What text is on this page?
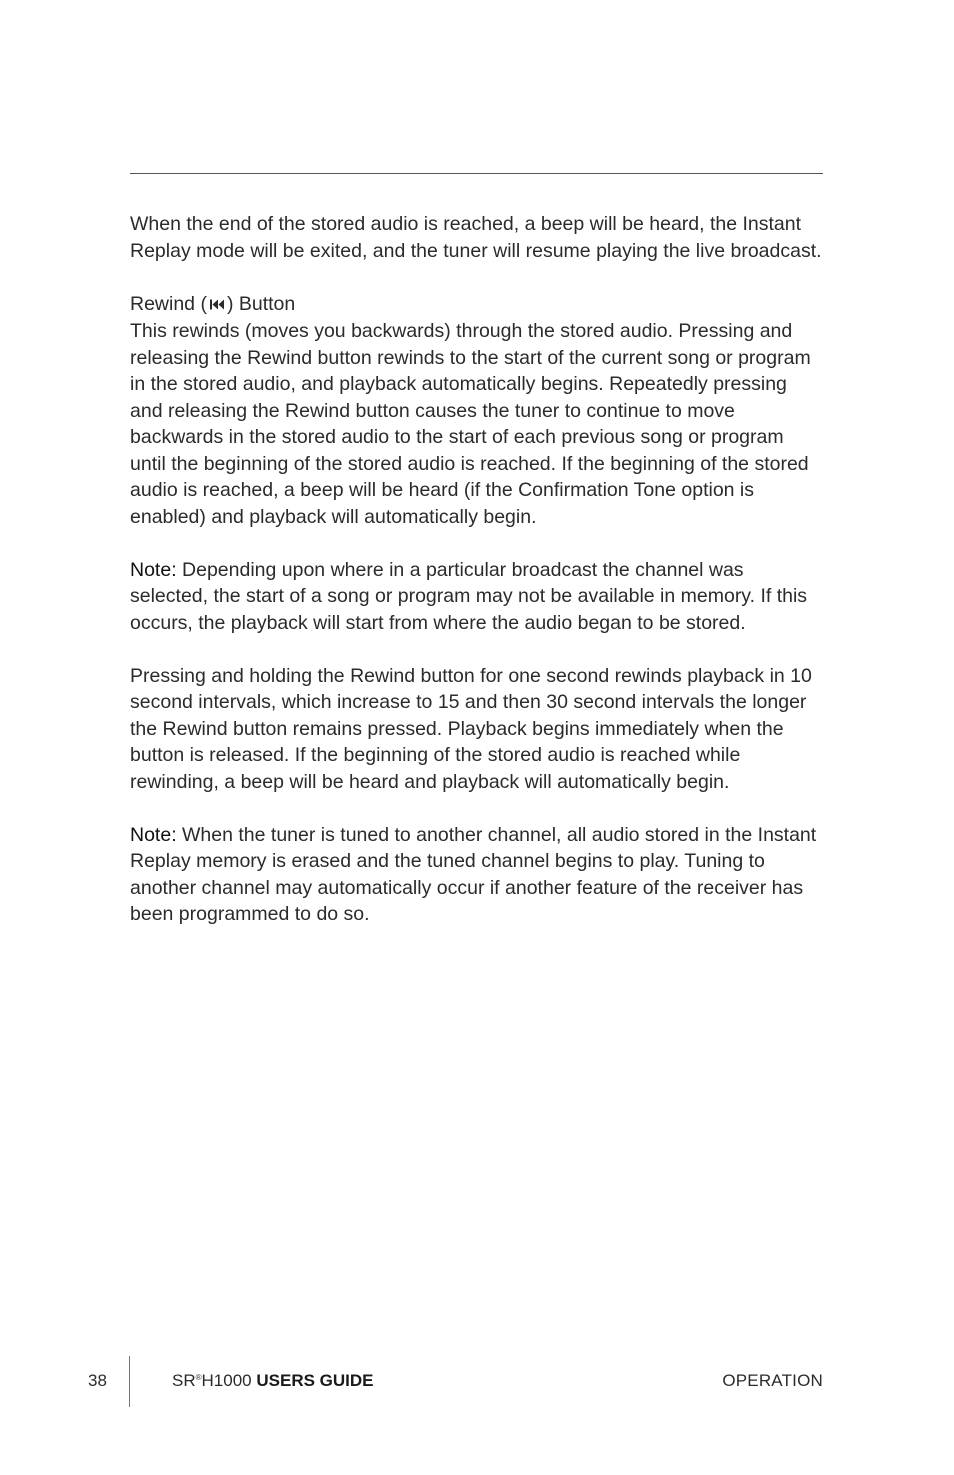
When the end of the stored audio is reached, a beep will be heard, the Instant Replay mode will be exited, and the tuner will resume playing the live broadcast.

Rewind ( ) Button
This rewinds (moves you backwards) through the stored audio. Pressing and releasing the Rewind button rewinds to the start of the current song or program in the stored audio, and playback automatically begins. Repeatedly pressing and releasing the Rewind button causes the tuner to continue to move backwards in the stored audio to the start of each previous song or program until the beginning of the stored audio is reached. If the beginning of the stored audio is reached, a beep will be heard (if the Confirmation Tone option is enabled) and playback will automatically begin.

Note: Depending upon where in a particular broadcast the channel was selected, the start of a song or program may not be available in memory. If this occurs, the playback will start from where the audio began to be stored.

Pressing and holding the Rewind button for one second rewinds playback in 10 second intervals, which increase to 15 and then 30 second intervals the longer the Rewind button remains pressed. Playback begins immediately when the button is released. If the beginning of the stored audio is reached while rewinding, a beep will be heard and playback will automatically begin.

Note: When the tuner is tuned to another channel, all audio stored in the Instant Replay memory is erased and the tuned channel begins to play. Tuning to another channel may automatically occur if another feature of the receiver has been programmed to do so.

38	SR®H1000 USERS GUIDE	OPERATION
